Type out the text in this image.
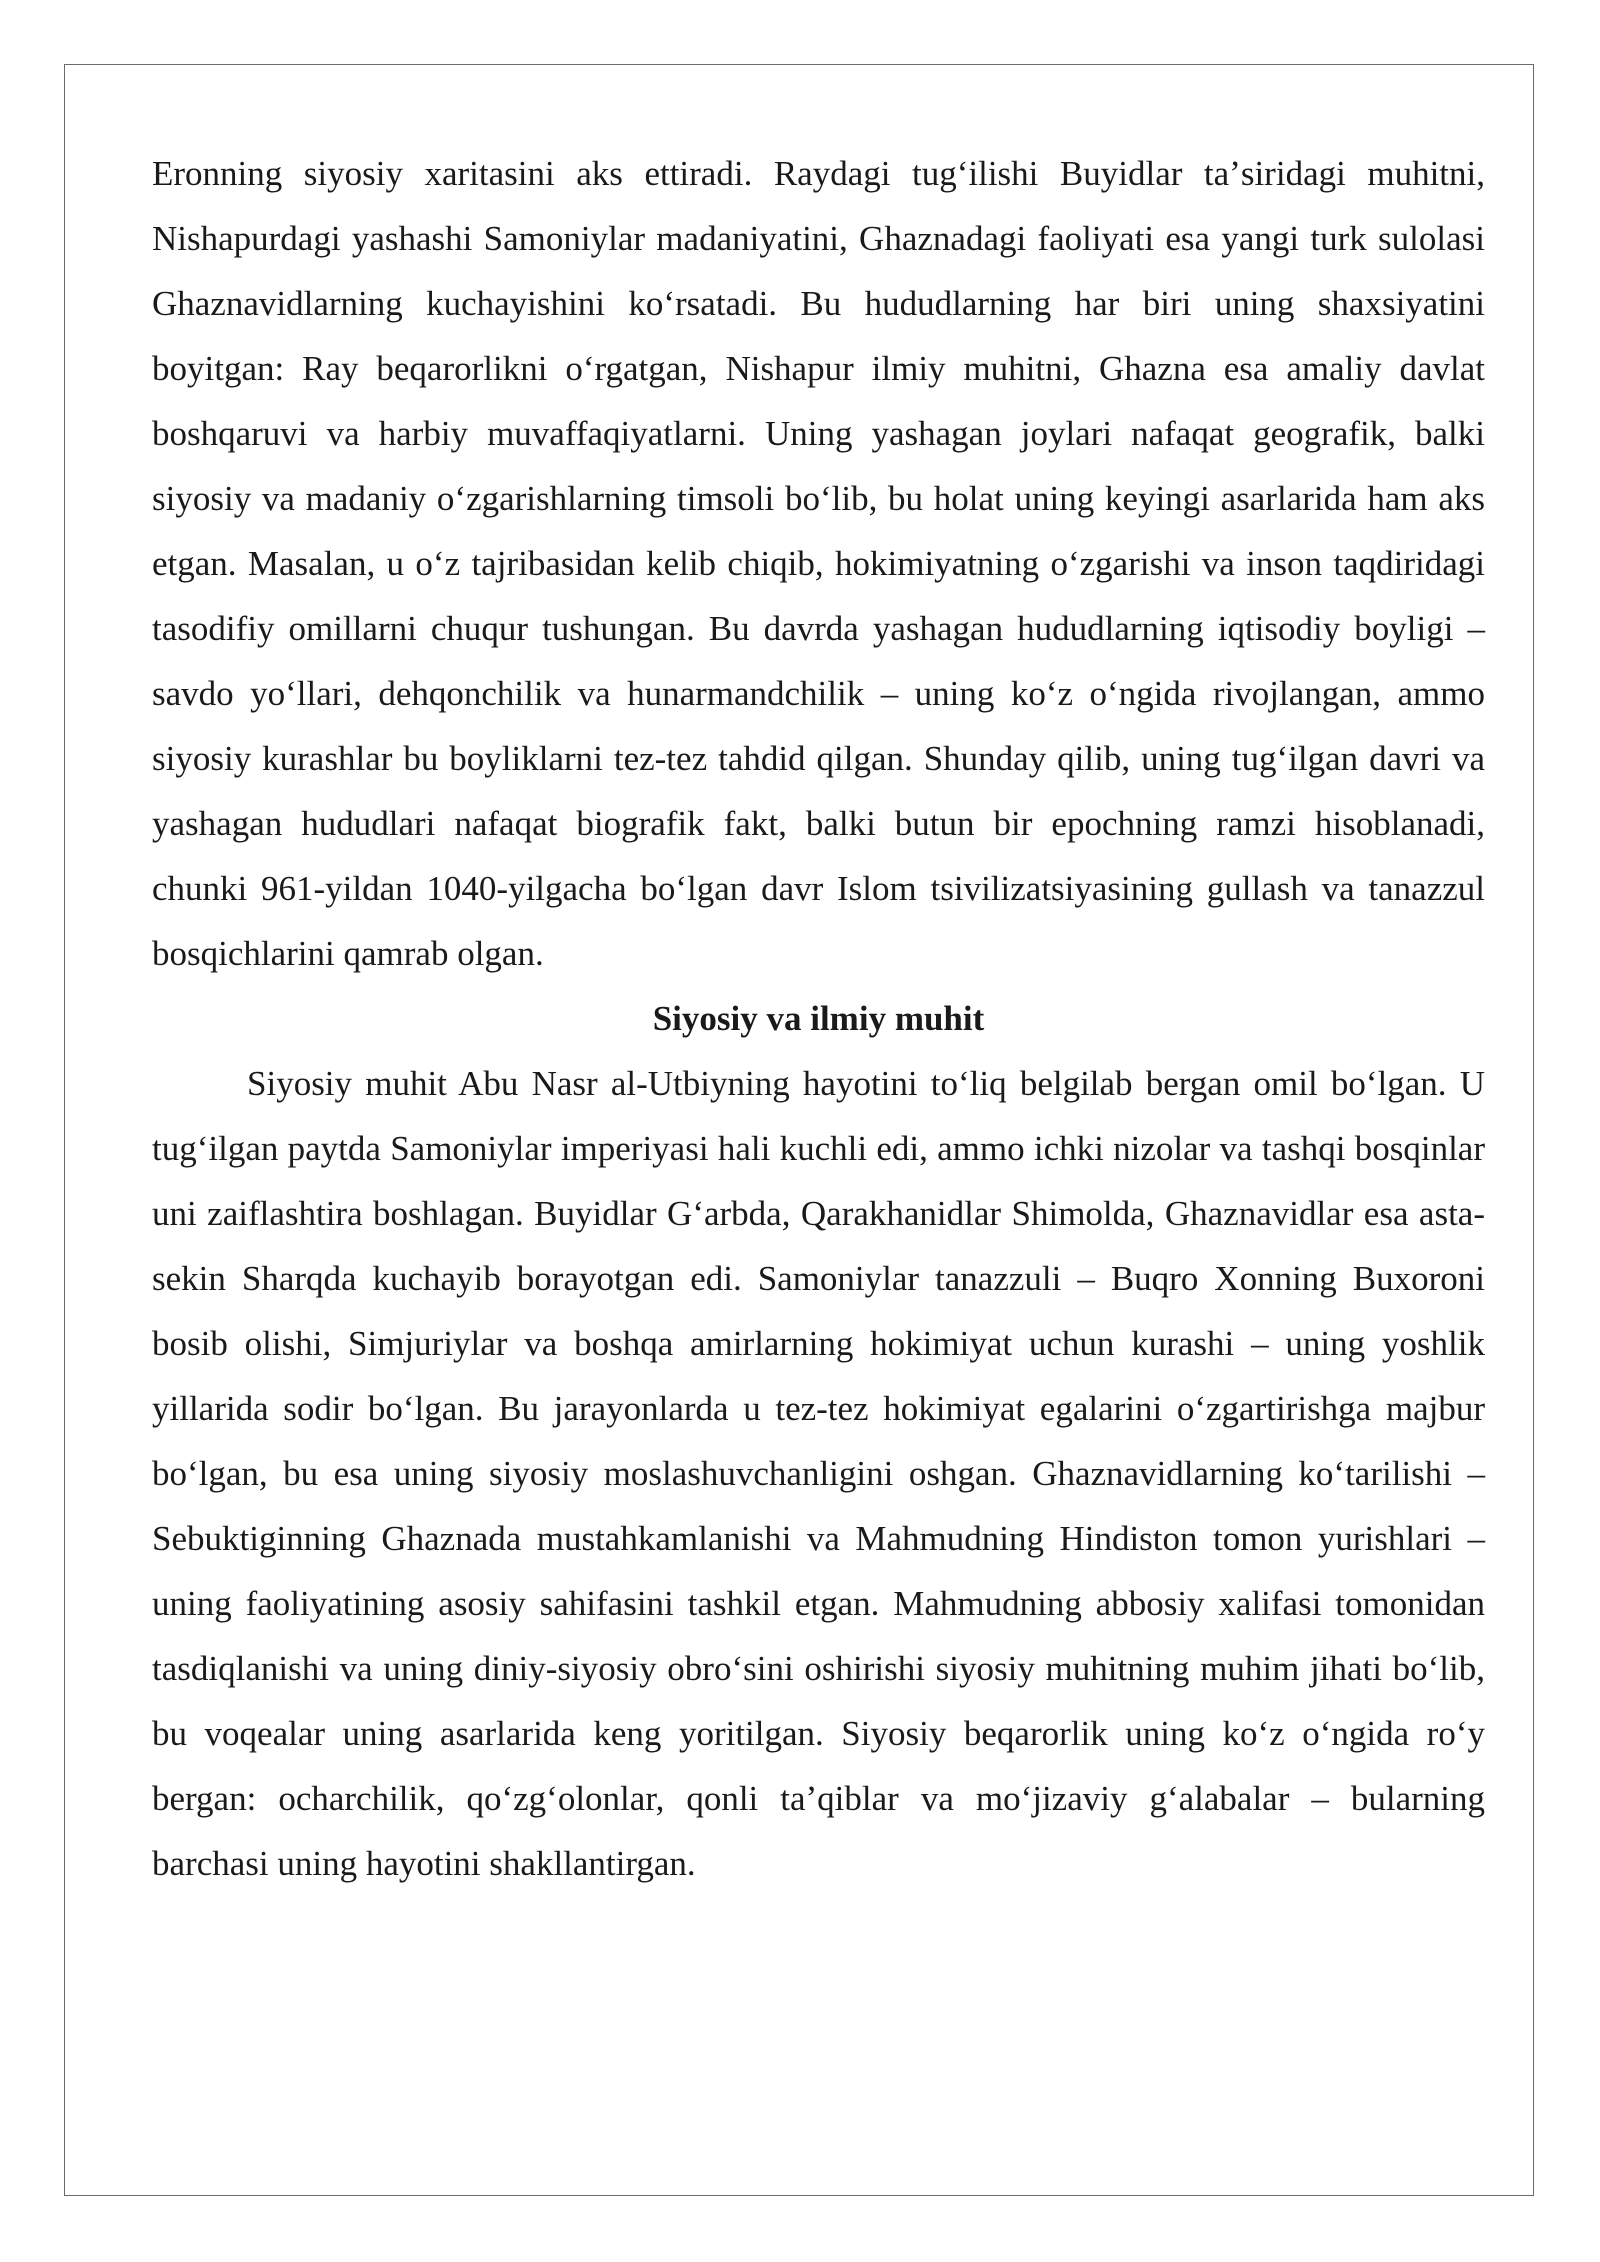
Eronning siyosiy xaritasini aks ettiradi. Raydagi tugʻilishi Buyidlar taʼsiridagi muhitni, Nishapurdagi yashashi Samoniylar madaniyatini, Ghaznadagi faoliyati esa yangi turk sulolasi Ghaznavidlarning kuchayishini koʻrsatadi. Bu hududlarning har biri uning shaxsiyatini boyitgan: Ray beqarorlikni oʻrgatgan, Nishapur ilmiy muhitni, Ghazna esa amaliy davlat boshqaruvi va harbiy muvaffaqiyatlarni. Uning yashagan joylari nafaqat geografik, balki siyosiy va madaniy oʻzgarishlarning timsoli boʻlib, bu holat uning keyingi asarlarida ham aks etgan. Masalan, u oʻz tajribasidan kelib chiqib, hokimiyatning oʻzgarishi va inson taqdiridagi tasodifiy omillarni chuqur tushungan. Bu davrda yashagan hududlarning iqtisodiy boyligi – savdo yoʻllari, dehqonchilik va hunarmandchilik – uning koʻz oʻngida rivojlangan, ammo siyosiy kurashlar bu boyliklarni tez-tez tahdid qilgan. Shunday qilib, uning tugʻilgan davri va yashagan hududlari nafaqat biografik fakt, balki butun bir epochning ramzi hisoblanadi, chunki 961-yildan 1040-yilgacha boʻlgan davr Islom tsivilizatsiyasining gullash va tanazzul bosqichlarini qamrab olgan.

Siyosiy va ilmiy muhit

Siyosiy muhit Abu Nasr al-Utbiyning hayotini toʻliq belgilab bergan omil boʻlgan. U tugʻilgan paytda Samoniylar imperiyasi hali kuchli edi, ammo ichki nizolar va tashqi bosqinlar uni zaiflashtira boshlagan. Buyidlar Gʻarbda, Qarakhanidlar Shimolda, Ghaznavidlar esa asta-sekin Sharqda kuchayib borayotgan edi. Samoniylar tanazzuli – Buqro Xonning Buxoroni bosib olishi, Simjuriylar va boshqa amirlarning hokimiyat uchun kurashi – uning yoshlik yillarida sodir boʻlgan. Bu jarayonlarda u tez-tez hokimiyat egalarini oʻzgartirishga majbur boʻlgan, bu esa uning siyosiy moslashuvchanligini oshgan. Ghaznavidlarning koʻtarilishi – Sebuktiginning Ghaznada mustahkamlanishi va Mahmudning Hindiston tomon yurishlari – uning faoliyatining asosiy sahifasini tashkil etgan. Mahmudning abbosiy xalifasi tomonidan tasdiqlanishi va uning diniy-siyosiy obroʻsini oshirishi siyosiy muhitning muhim jihati boʻlib, bu voqealar uning asarlarida keng yoritilgan. Siyosiy beqarorlik uning koʻz oʻngida roʻy bergan: ocharchilik, qoʻzgʻolonlar, qonli taʼqiblar va moʻjizaviy gʻalabalar – bularning barchasi uning hayotini shakllantirgan.
